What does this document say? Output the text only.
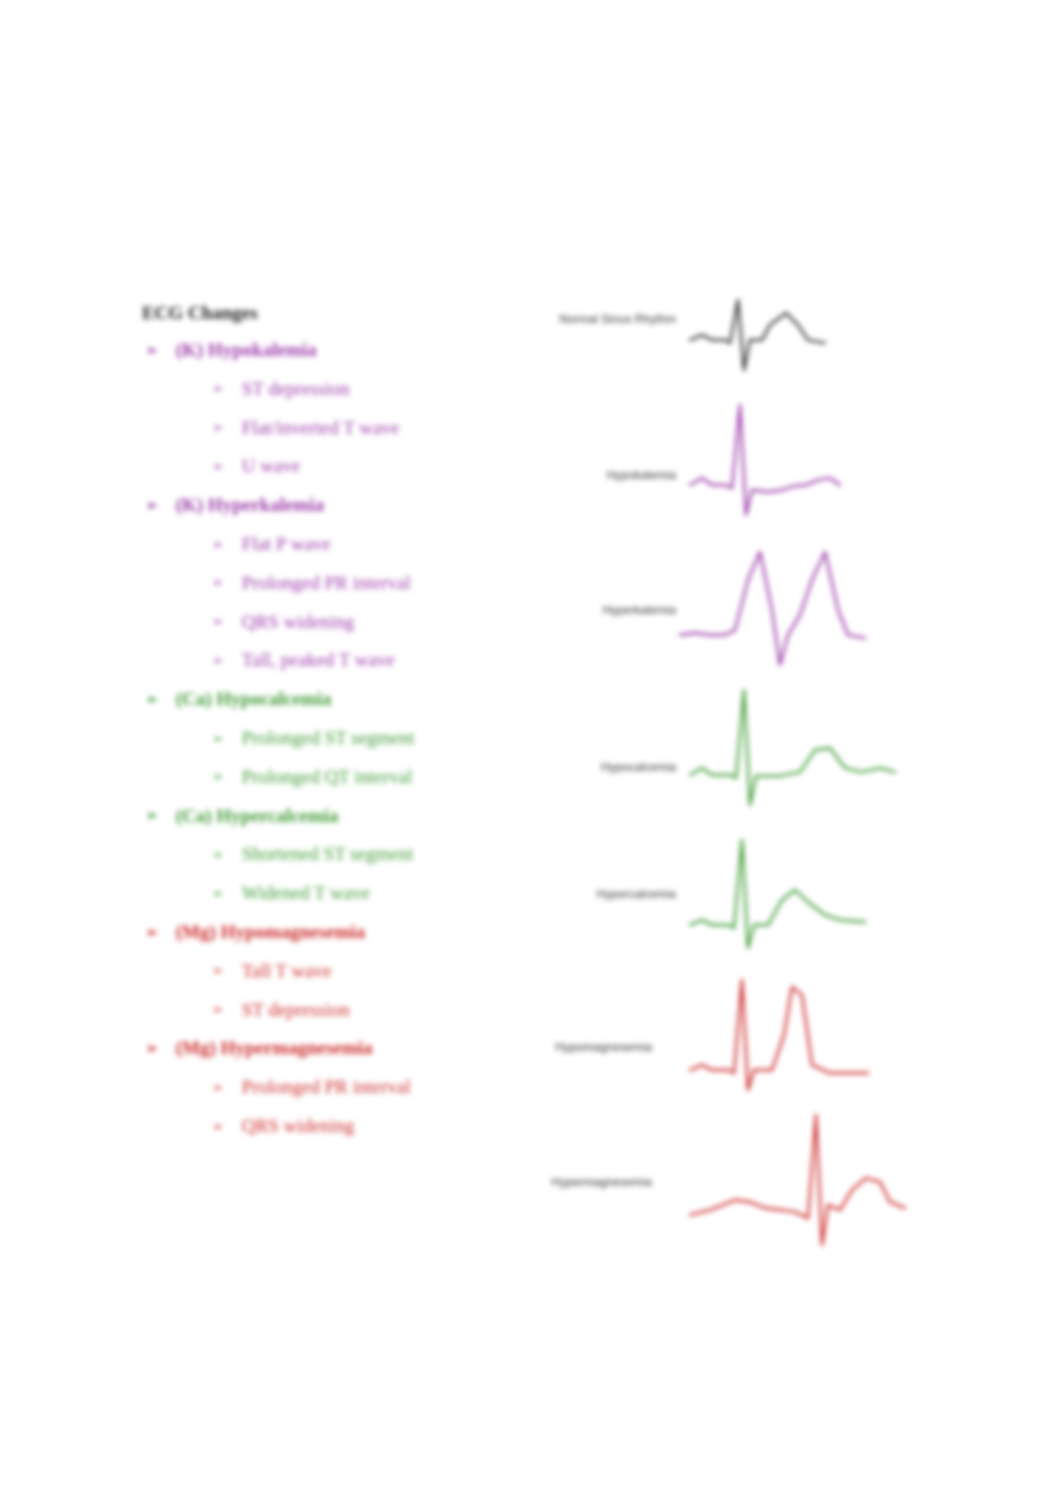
ECG Changes
➢ (K) Hypokalemia
➢ ST depression
➢ Flat/inverted T wave
➢ U wave
➢ (K) Hyperkalemia
➢ Flat P wave
➢ Prolonged PR interval
➢ QRS widening
➢ Tall, peaked T wave
➢ (Ca) Hypocalcemia
➢ Prolonged ST segment
➢ Prolonged QT interval
➢ (Ca) Hypercalcemia
➢ Shortened ST segment
➢ Widened T wave
➢ (Mg) Hypomagnesemia
➢ Tall T wave
➢ ST depression
➢ (Mg) Hypermagnesemia
➢ Prolonged PR interval
➢ QRS widening
Normal Sinus Rhythm
Hypokalemia
Hyperkalemia
Hypocalcemia
Hypercalcemia
Hypomagnesemia
Hypermagnesemia
